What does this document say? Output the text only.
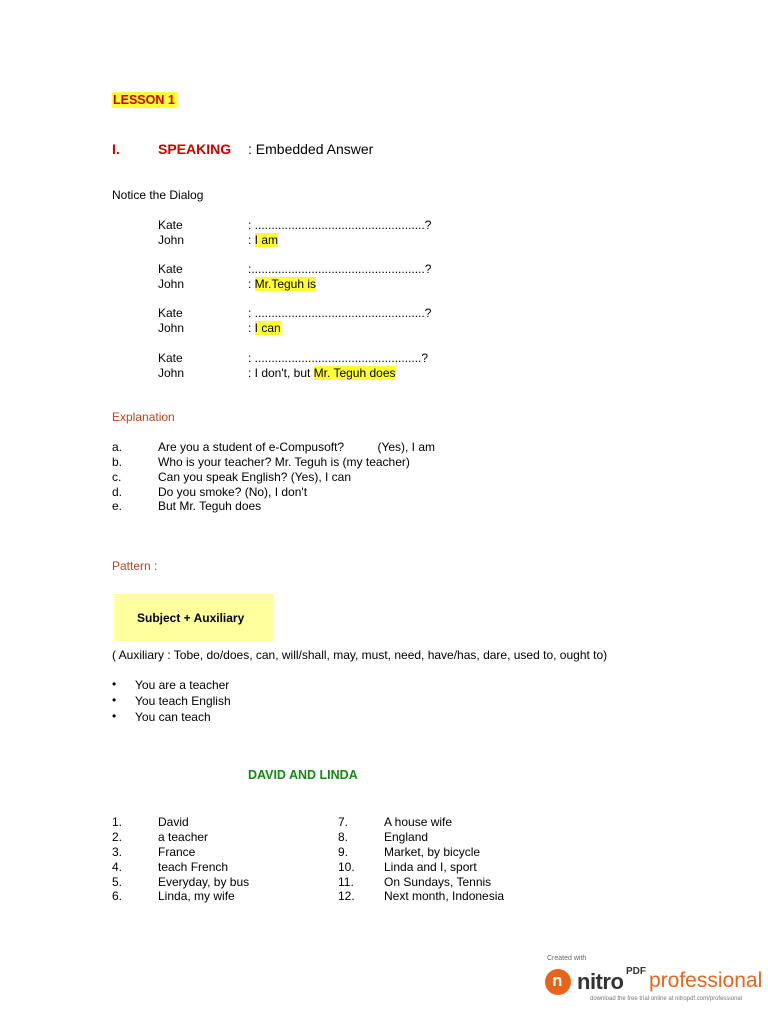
LESSON 1
I.	SPEAKING : Embedded Answer
Notice the Dialog
Kate	: ...................................................?
John	: I am
Kate	:....................................................?
John	: Mr.Teguh is
Kate	: ...................................................?
John	: I can
Kate	: ..................................................?
John	: I don't, but Mr. Teguh does
Explanation
a.	Are you a student of e-Compusoft?          (Yes), I am
b.	Who is your teacher? Mr. Teguh is (my teacher)
c.	Can you speak English? (Yes), I can
d.	Do you smoke? (No), I don't
e.	But Mr. Teguh does
Pattern :
Subject + Auxiliary
( Auxiliary : Tobe, do/does, can, will/shall, may, must, need, have/has, dare, used to, ought to)
• You are a teacher
• You teach English
• You can teach
DAVID AND LINDA
1.	David
2.	a teacher
3.	France
4.	teach French
5.	Everyday, by bus
6.	Linda, my wife
7.	A house wife
8.	England
9.	Market, by bicycle
10. Linda and I, sport
11.	On Sundays, Tennis
12. Next month, Indonesia
Created with
n nitro PDF professional
download the free trial online at nitropdf.com/professional
